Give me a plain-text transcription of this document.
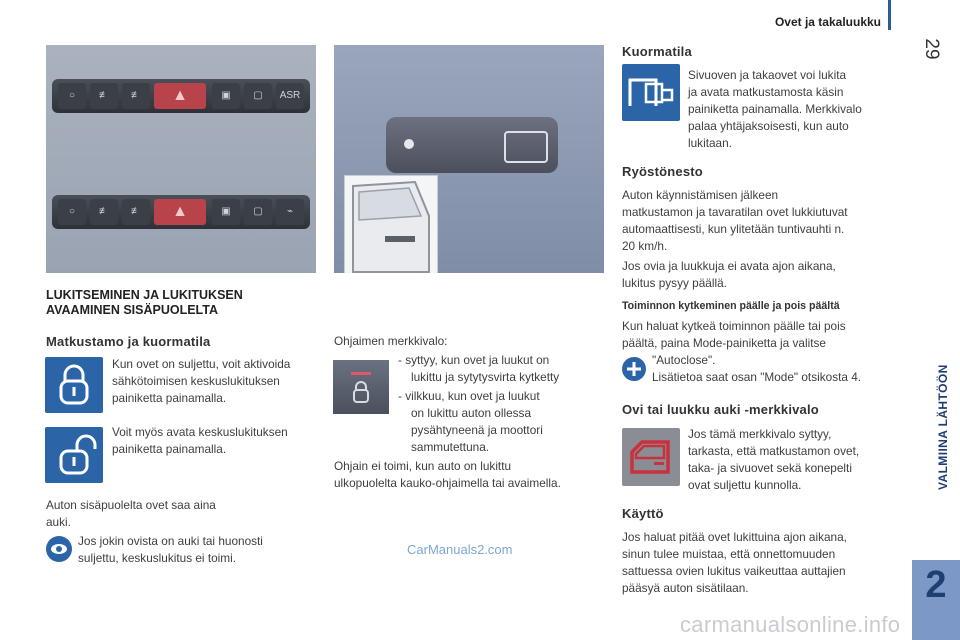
Ovet ja takaluukku
29
VALMIINA LÄHTÖÖN
2
○	≢	≢	▲	▣	▢	ASR
○	≢	≢	▲	▣	▢	⌁
LUKITSEMINEN JA LUKITUKSEN
AVAAMINEN SISÄPUOLELTA
Matkustamo ja kuormatila
Kun ovet on suljettu, voit aktivoida
sähkötoimisen keskuslukituksen
painiketta painamalla.
Voit myös avata keskuslukituksen
painiketta painamalla.
Auton sisäpuolelta ovet saa aina
auki.
Jos jokin ovista on auki tai huonosti
suljettu, keskuslukitus ei toimi.
Ohjaimen merkkivalo:
- syttyy, kun ovet ja luukut on
lukittu ja sytytysvirta kytketty
- vilkkuu, kun ovet ja luukut
on lukittu auton ollessa
pysähtyneenä ja moottori
sammutettuna.
Ohjain ei toimi, kun auto on lukittu
ulkopuolelta kauko-ohjaimella tai avaimella.
Kuormatila
Sivuoven ja takaovet voi lukita
ja avata matkustamosta käsin
painiketta painamalla. Merkkivalo
palaa yhtäjaksoisesti, kun auto
lukitaan.
Ryöstönesto
Auton käynnistämisen jälkeen
matkustamon ja tavaratilan ovet lukkiutuvat
automaattisesti, kun ylitetään tuntivauhti n.
20 km/h.
Jos ovia ja luukkuja ei avata ajon aikana,
lukitus pysyy päällä.
Toiminnon kytkeminen päälle ja pois päältä
Kun haluat kytkeä toiminnon päälle tai pois
päältä, paina Mode-painiketta ja valitse
"Autoclose".
Lisätietoa saat osan "Mode" otsikosta 4.
Ovi tai luukku auki -merkkivalo
Jos tämä merkkivalo syttyy,
tarkasta, että matkustamon ovet,
taka- ja sivuovet sekä konepelti
ovat suljettu kunnolla.
Käyttö
Jos haluat pitää ovet lukittuina ajon aikana,
sinun tulee muistaa, että onnettomuuden
sattuessa ovien lukitus vaikeuttaa auttajien
pääsyä auton sisätilaan.
CarManuals2.com
carmanualsonline.info
